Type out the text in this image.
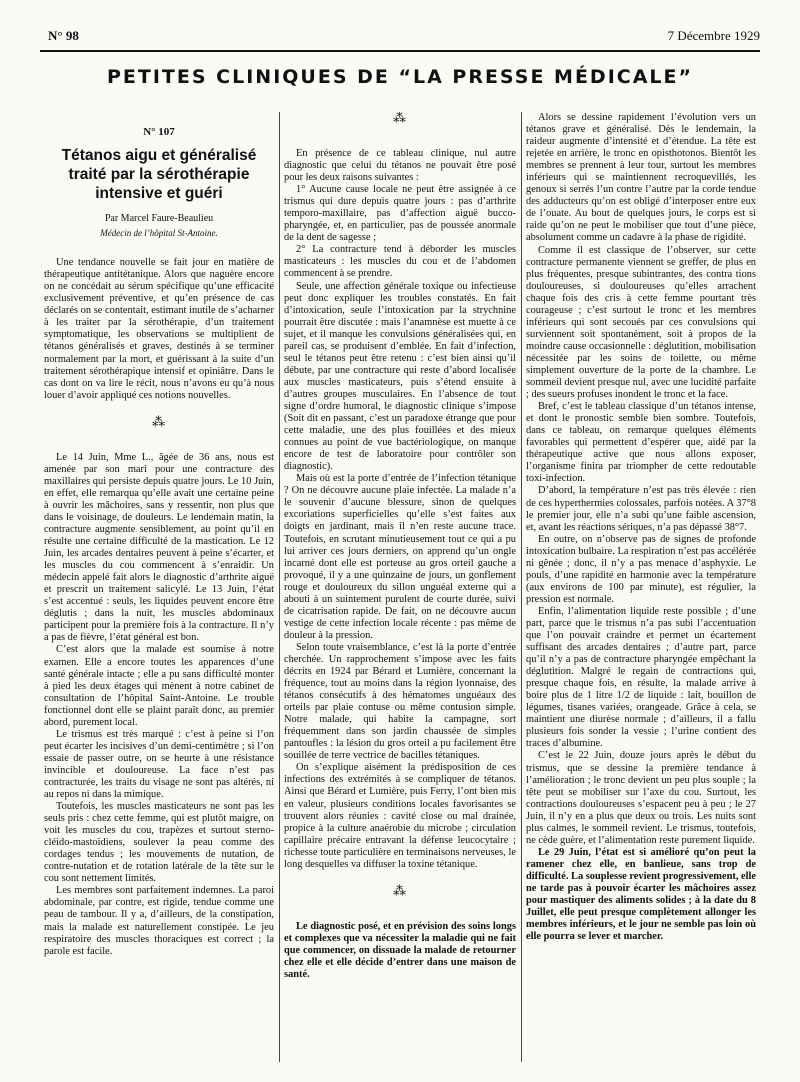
N° 98	7 Décembre 1929
PETITES CLINIQUES DE “LA PRESSE MÉDICALE”
N° 107
Tétanos aigu et généralisé traité par la sérothérapie intensive et guéri
Par Marcel Faure-Beaulieu
Médecin de l’hôpital St-Antoine.

Une tendance nouvelle se fait jour en matière de thérapeutique antitétanique. Alors que naguère encore on ne concédait au sérum spécifique qu’une efficacité exclusivement préventive, et qu’en présence de cas déclarés on se contentait, estimant inutile de s’acharner à les traiter par la sérothérapie, d’un traitement symptomatique, les observations se multiplient de tétanos généralisés et graves, destinés à se terminer normalement par la mort, et guérissant à la suite d’un traitement sérothérapique intensif et opiniâtre. Dans le cas dont on va lire le récit, nous n’avons eu qu’à nous louer d’avoir appliqué ces notions nouvelles.

⁂

Le 14 Juin, Mme L., âgée de 36 ans, nous est amenée par son mari pour une contracture des maxillaires qui persiste depuis quatre jours. Le 10 Juin, en effet, elle remarqua qu’elle avait une certaine peine à ouvrir les mâchoires, sans y ressentir, non plus que dans le voisinage, de douleurs. Le lendemain matin, la contracture augmente sensiblement, au point qu’il en résulte une certaine difficulté de la mastication. Le 12 Juin, les arcades dentaires peuvent à peine s’écarter, et les muscles du cou commencent à s’enraidir. Un médecin appelé fait alors le diagnostic d’arthrite aiguë et prescrit un traitement salicylé. Le 13 Juin, l’état s’est accentué : seuls, les liquides peuvent encore être déglutis ; dans la nuit, les muscles abdominaux participent pour la première fois à la contracture. Il n’y a pas de fièvre, l’état général est bon.

C’est alors que la malade est soumise à notre examen. Elle a encore toutes les apparences d’une santé générale intacte ; elle a pu sans difficulté monter à pied les deux étages qui mènent à notre cabinet de consultation de l’hôpital Saint-Antoine. Le trouble fonctionnel dont elle se plaint paraît donc, au premier abord, purement local.

Le trismus est très marqué : c’est à peine si l’on peut écarter les incisives d’un demi-centimètre ; si l’on essaie de passer outre, on se heurte à une résistance invincible et douloureuse. La face n’est pas contracturée, les traits du visage ne sont pas altérés, ni au repos ni dans la mimique.

Toutefois, les muscles masticateurs ne sont pas les seuls pris : chez cette femme, qui est plutôt maigre, on voit les muscles du cou, trapèzes et surtout sterno-cléido-mastoïdiens, soulever la peau comme des cordages tendus ; les mouvements de nutation, de contre-nutation et de rotation latérale de la tête sur le cou sont nettement limités.

Les membres sont parfaitement indemnes. La paroi abdominale, par contre, est rigide, tendue comme une peau de tambour. Il y a, d’ailleurs, de la constipation, mais la malade est naturellement constipée. Le jeu respiratoire des muscles thoraciques est correct ; la parole est facile.

⁂

En présence de ce tableau clinique, nul autre diagnostic que celui du tétanos ne pouvait être posé pour les deux raisons suivantes :

1° Aucune cause locale ne peut être assignée à ce trismus qui dure depuis quatre jours : pas d’arthrite temporo-maxillaire, pas d’affection aiguë bucco-pharyngée, et, en particulier, pas de poussée anormale de la dent de sagesse ;

2° La contracture tend à déborder les muscles masticateurs : les muscles du cou et de l’abdomen commencent à se prendre.

Seule, une affection générale toxique ou infectieuse peut donc expliquer les troubles constatés. En fait d’intoxication, seule l’intoxication par la strychnine pourrait être discutée : mais l’anamnèse est muette à ce sujet, et il manque les convulsions généralisées qui, en pareil cas, se produisent d’emblée. En fait d’infection, seul le tétanos peut être retenu : c’est bien ainsi qu’il débute, par une contracture qui reste d’abord localisée aux muscles masticateurs, puis s’étend ensuite à d’autres groupes musculaires. En l’absence de tout signe d’ordre humoral, le diagnostic clinique s’impose (Soit dit en passant, c’est un paradoxe étrange que pour cette maladie, une des plus fouillées et des mieux connues au point de vue bactériologique, on manque encore de test de laboratoire pour contrôler son diagnostic).

Mais où est la porte d’entrée de l’infection tétanique ? On ne découvre aucune plaie infectée. La malade n’a le souvenir d’aucune blessure, sinon de quelques excoriations superficielles qu’elle s’est faites aux doigts en jardinant, mais il n’en reste aucune trace. Toutefois, en scrutant minutieusement tout ce qui a pu lui arriver ces jours derniers, on apprend qu’un ongle incarné dont elle est porteuse au gros orteil gauche a provoqué, il y a une quinzaine de jours, un gonflement rouge et douloureux du sillon unguéal externe qui a abouti à un suintement purulent de courte durée, suivi de cicatrisation rapide. De fait, on ne découvre aucun vestige de cette infection locale récente : pas même de douleur à la pression.

Selon toute vraisemblance, c’est là la porte d’entrée cherchée. Un rapprochement s’impose avec les faits décrits en 1924 par Bérard et Lumière, concernant la fréquence, tout au moins dans la région lyonnaise, des tétanos consécutifs à des hématomes unguéaux des orteils par plaie contuse ou même contusion simple. Notre malade, qui habite la campagne, sort fréquemment dans son jardin chaussée de simples pantoufles : la lésion du gros orteil a pu facilement être souillée de terre vectrice de bacilles tétaniques.

On s’explique aisément la prédisposition de ces infections des extrémités à se compliquer de tétanos. Ainsi que Bérard et Lumière, puis Ferry, l’ont bien mis en valeur, plusieurs conditions locales favorisantes se trouvent alors réunies : cavité close ou mal drainée, propice à la culture anaérobie du microbe ; circulation capillaire précaire entravant la défense leucocytaire ; richesse toute particulière en terminaisons nerveuses, le long desquelles va diffuser la toxine tétanique.

⁂

Le diagnostic posé, et en prévision des soins longs et complexes que va nécessiter la maladie qui ne fait que commencer, on dissuade la malade de retourner chez elle et elle décide d’entrer dans une maison de santé.

Alors se dessine rapidement l’évolution vers un tétanos grave et généralisé. Dès le lendemain, la raideur augmente d’intensité et d’étendue. La tête est rejetée en arrière, le tronc en opisthotonos. Bientôt les membres se prennent à leur tour, surtout les membres inférieurs qui se maintiennent recroquevillés, les genoux si serrés l’un contre l’autre par la corde tendue des adducteurs qu’on est obligé d’interposer entre eux de l’ouate. Au bout de quelques jours, le corps est si raide qu’on ne peut le mobiliser que tout d’une pièce, absolument comme un cadavre à la phase de rigidité.

Comme il est classique de l’observer, sur cette contracture permanente viennent se greffer, de plus en plus fréquentes, presque subintrantes, des contra tions douloureuses, si douloureuses qu’elles arrachent chaque fois des cris à cette femme pourtant très courageuse ; c’est surtout le tronc et les membres inférieurs qui sont secoués par ces convulsions qui surviennent soit spontanément, soit à propos de la moindre cause occasionnelle : déglutition, mobilisation nécessitée par les soins de toilette, ou même simplement ouverture de la porte de la chambre. Le sommeil devient presque nul, avec une lucidité parfaite ; des sueurs profuses inondent le tronc et la face.

Bref, c’est le tableau classique d’un tétanos intense, et dont le pronostic semble bien sombre. Toutefois, dans ce tableau, on remarque quelques éléments favorables qui permettent d’espérer que, aidé par la thérapeutique active que nous allons exposer, l’organisme finira par triompher de cette redoutable toxi-infection.

D’abord, la température n’est pas très élevée : rien de ces hyperthermies colossales, parfois notées. A 37°8 le premier jour, elle n’a subi qu’une faible ascension, et, avant les réactions sériques, n’a pas dépassé 38°7.

En outre, on n’observe pas de signes de profonde intoxication bulbaire. La respiration n’est pas accélérée ni gênée ; donc, il n’y a pas menace d’asphyxie. Le pouls, d’une rapidité en harmonie avec la température (aux environs de 100 par minute), est régulier, la pression est normale.

Enfin, l’alimentation liquide reste possible ; d’une part, parce que le trismus n’a pas subi l’accentuation que l’on pouvait craindre et permet un écartement suffisant des arcades dentaires ; d’autre part, parce qu’il n’y a pas de contracture pharyngée empêchant la déglutition. Malgré le regain de contractions qui, presque chaque fois, en résulte, la malade arrive à boire plus de 1 litre 1/2 de liquide : lait, bouillon de légumes, tisanes variées, orangeade. Grâce à cela, se maintient une diurèse normale ; d’ailleurs, il a fallu plusieurs fois sonder la vessie ; l’urine contient des traces d’albumine.

C’est le 22 Juin, douze jours après le début du trismus, que se dessine la première tendance à l’amélioration ; le tronc devient un peu plus souple ; la tête peut se mobiliser sur l’axe du cou. Surtout, les contractions douloureuses s’espacent peu à peu ; le 27 Juin, il n’y en a plus que deux ou trois. Les nuits sont plus calmes, le sommeil revient. Le trismus, toutefois, ne cède guère, et l’alimentation reste purement liquide.

Le 29 Juin, l’état est si amélioré qu’on peut la ramener chez elle, en banlieue, sans trop de difficulté. La souplesse revient progressivement, elle ne tarde pas à pouvoir écarter les mâchoires assez pour mastiquer des aliments solides ; à la date du 8 Juillet, elle peut presque complètement allonger les membres inférieurs, et le jour ne semble pas loin où elle pourra se lever et marcher.
